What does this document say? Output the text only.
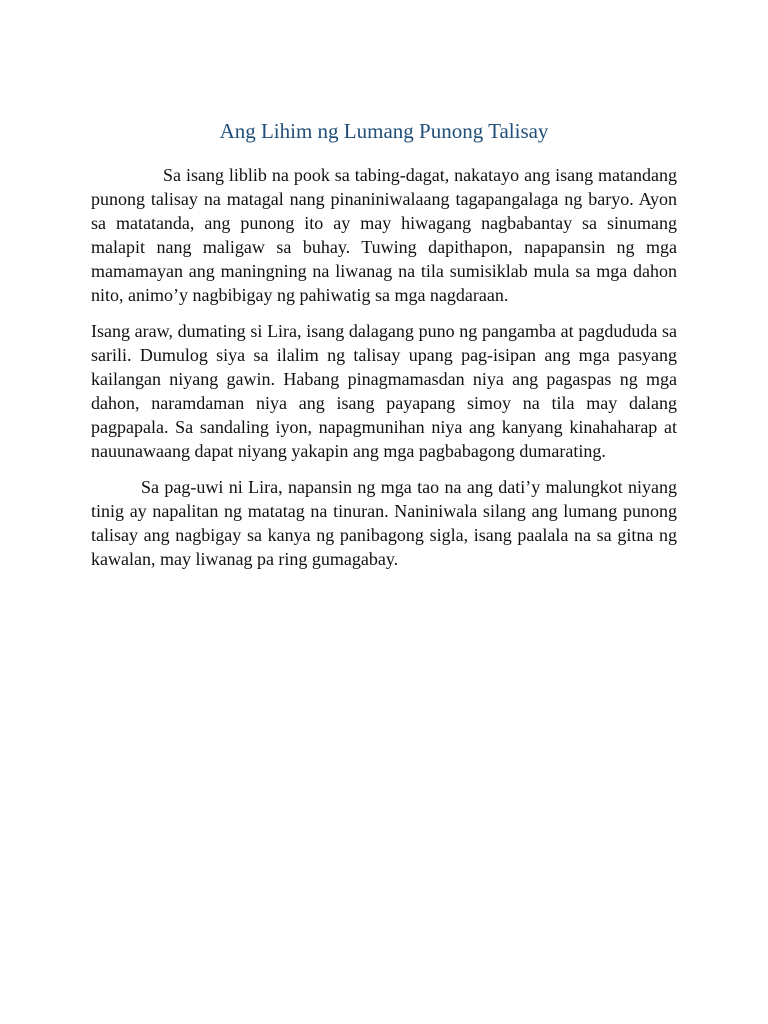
Ang Lihim ng Lumang Punong Talisay

Sa isang liblib na pook sa tabing-dagat, nakatayo ang isang matandang punong talisay na matagal nang pinaniniwalaang tagapangalaga ng baryo. Ayon sa matatanda, ang punong ito ay may hiwagang nagbabantay sa sinumang malapit nang maligaw sa buhay. Tuwing dapithapon, napapansin ng mga mamamayan ang maningning na liwanag na tila sumisiklab mula sa mga dahon nito, animo’y nagbibigay ng pahiwatig sa mga nagdaraan.

Isang araw, dumating si Lira, isang dalagang puno ng pangamba at pagdududa sa sarili. Dumulog siya sa ilalim ng talisay upang pag-isipan ang mga pasyang kailangan niyang gawin. Habang pinagmamasdan niya ang pagaspas ng mga dahon, naramdaman niya ang isang payapang simoy na tila may dalang pagpapala. Sa sandaling iyon, napagmunihan niya ang kanyang kinahaharap at nauunawaang dapat niyang yakapin ang mga pagbabagong dumarating.

Sa pag-uwi ni Lira, napansin ng mga tao na ang dati’y malungkot niyang tinig ay napalitan ng matatag na tinuran. Naniniwala silang ang lumang punong talisay ang nagbigay sa kanya ng panibagong sigla, isang paalala na sa gitna ng kawalan, may liwanag pa ring gumagabay.
